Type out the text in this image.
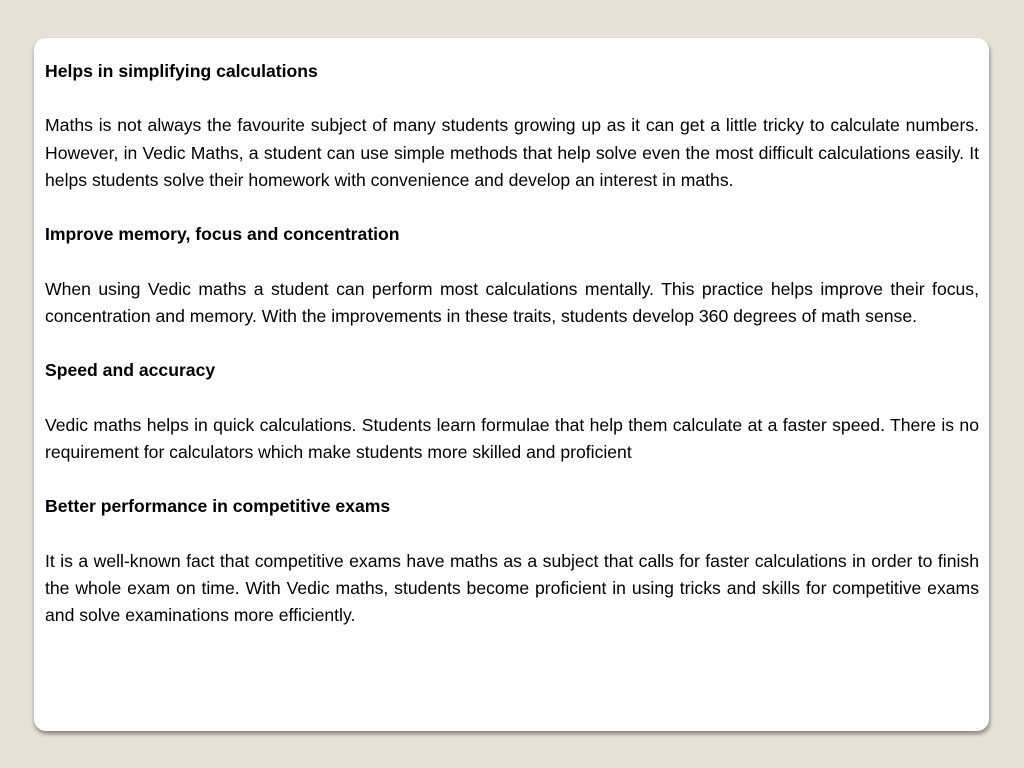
Helps in simplifying calculations

Maths is not always the favourite subject of many students growing up as it can get a little tricky to calculate numbers. However, in Vedic Maths, a student can use simple methods that help solve even the most difficult calculations easily. It helps students solve their homework with convenience and develop an interest in maths.

Improve memory, focus and concentration

When using Vedic maths a student can perform most calculations mentally. This practice helps improve their focus, concentration and memory. With the improvements in these traits, students develop 360 degrees of math sense.

Speed and accuracy

Vedic maths helps in quick calculations. Students learn formulae that help them calculate at a faster speed. There is no requirement for calculators which make students more skilled and proficient

Better performance in competitive exams

It is a well-known fact that competitive exams have maths as a subject that calls for faster calculations in order to finish the whole exam on time. With Vedic maths, students become proficient in using tricks and skills for competitive exams and solve examinations more efficiently.
